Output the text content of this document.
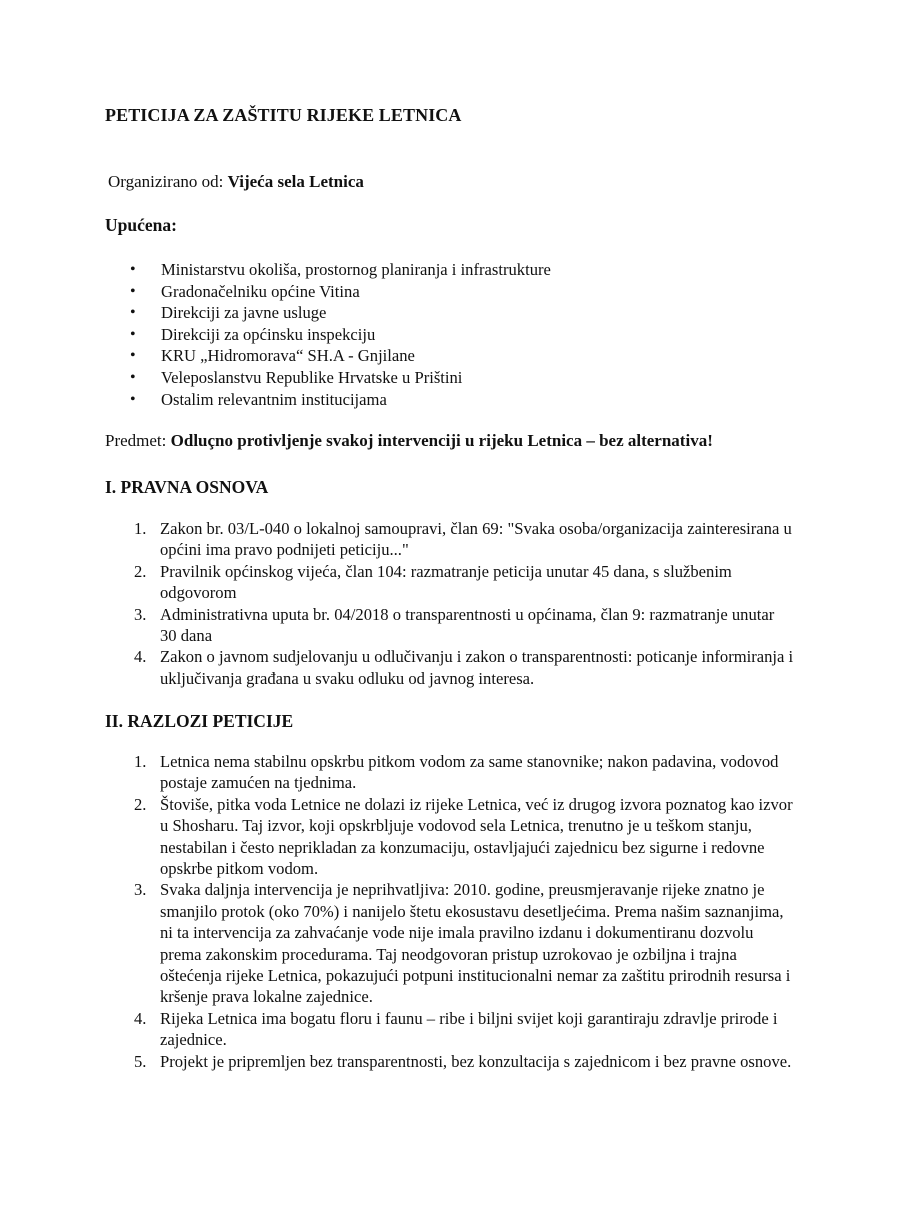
PETICIJA ZA ZAŠTITU RIJEKE LETNICA
Organizirano od: Vijeća sela Letnica
Upućena:
• Ministarstvu okoliša, prostornog planiranja i infrastrukture
• Gradonačelniku općine Vitina
• Direkciji za javne usluge
• Direkciji za općinsku inspekciju
• KRU „Hidromorava“ SH.A - Gnjilane
• Veleposlanstvu Republike Hrvatske u Prištini
• Ostalim relevantnim institucijama
Predmet: Odluçno protivljenje svakoj intervenciji u rijeku Letnica – bez alternativa!
I. PRAVNA OSNOVA
1. Zakon br. 03/L-040 o lokalnoj samoupravi, član 69: "Svaka osoba/organizacija zainteresirana u općini ima pravo podnijeti peticiju..."
2. Pravilnik općinskog vijeća, član 104: razmatranje peticija unutar 45 dana, s službenim odgovorom
3. Administrativna uputa br. 04/2018 o transparentnosti u općinama, član 9: razmatranje unutar 30 dana
4. Zakon o javnom sudjelovanju u odlučivanju i zakon o transparentnosti: poticanje informiranja i uključivanja građana u svaku odluku od javnog interesa.
II. RAZLOZI PETICIJE
1. Letnica nema stabilnu opskrbu pitkom vodom za same stanovnike; nakon padavina, vodovod postaje zamućen na tjednima.
2. Štoviše, pitka voda Letnice ne dolazi iz rijeke Letnica, već iz drugog izvora poznatog kao izvor u Shosharu. Taj izvor, koji opskrbljuje vodovod sela Letnica, trenutno je u teškom stanju, nestabilan i često neprikladan za konzumaciju, ostavljajući zajednicu bez sigurne i redovne opskrbe pitkom vodom.
3. Svaka daljnja intervencija je neprihvatljiva: 2010. godine, preusmjeravanje rijeke znatno je smanjilo protok (oko 70%) i nanijelo štetu ekosustavu desetljećima. Prema našim saznanjima, ni ta intervencija za zahvaćanje vode nije imala pravilno izdanu i dokumentiranu dozvolu prema zakonskim procedurama. Taj neodgovoran pristup uzrokovao je ozbiljna i trajna oštećenja rijeke Letnica, pokazujući potpuni institucionalni nemar za zaštitu prirodnih resursa i kršenje prava lokalne zajednice.
4. Rijeka Letnica ima bogatu floru i faunu – ribe i biljni svijet koji garantiraju zdravlje prirode i zajednice.
5. Projekt je pripremljen bez transparentnosti, bez konzultacija s zajednicom i bez pravne osnove.
